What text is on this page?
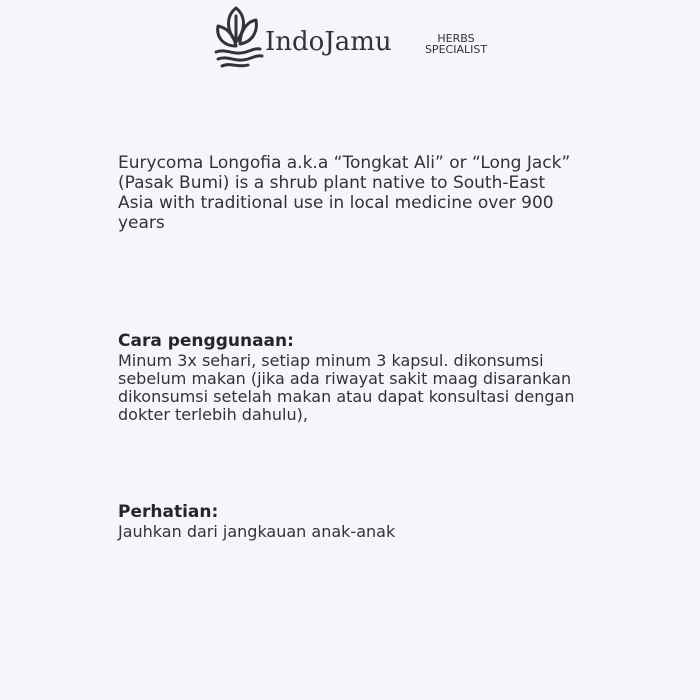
IndoJamu	HERBS
SPECIALIST
Eurycoma Longofia a.k.a “Tongkat Ali” or “Long Jack” (Pasak Bumi) is a shrub plant native to South-East Asia with traditional use in local medicine over 900 years
Cara penggunaan:
Minum 3x sehari, setiap minum 3 kapsul. dikonsumsi sebelum makan (jika ada riwayat sakit maag disarankan dikonsumsi setelah makan atau dapat konsultasi dengan dokter terlebih dahulu),
Perhatian:
Jauhkan dari jangkauan anak-anak
